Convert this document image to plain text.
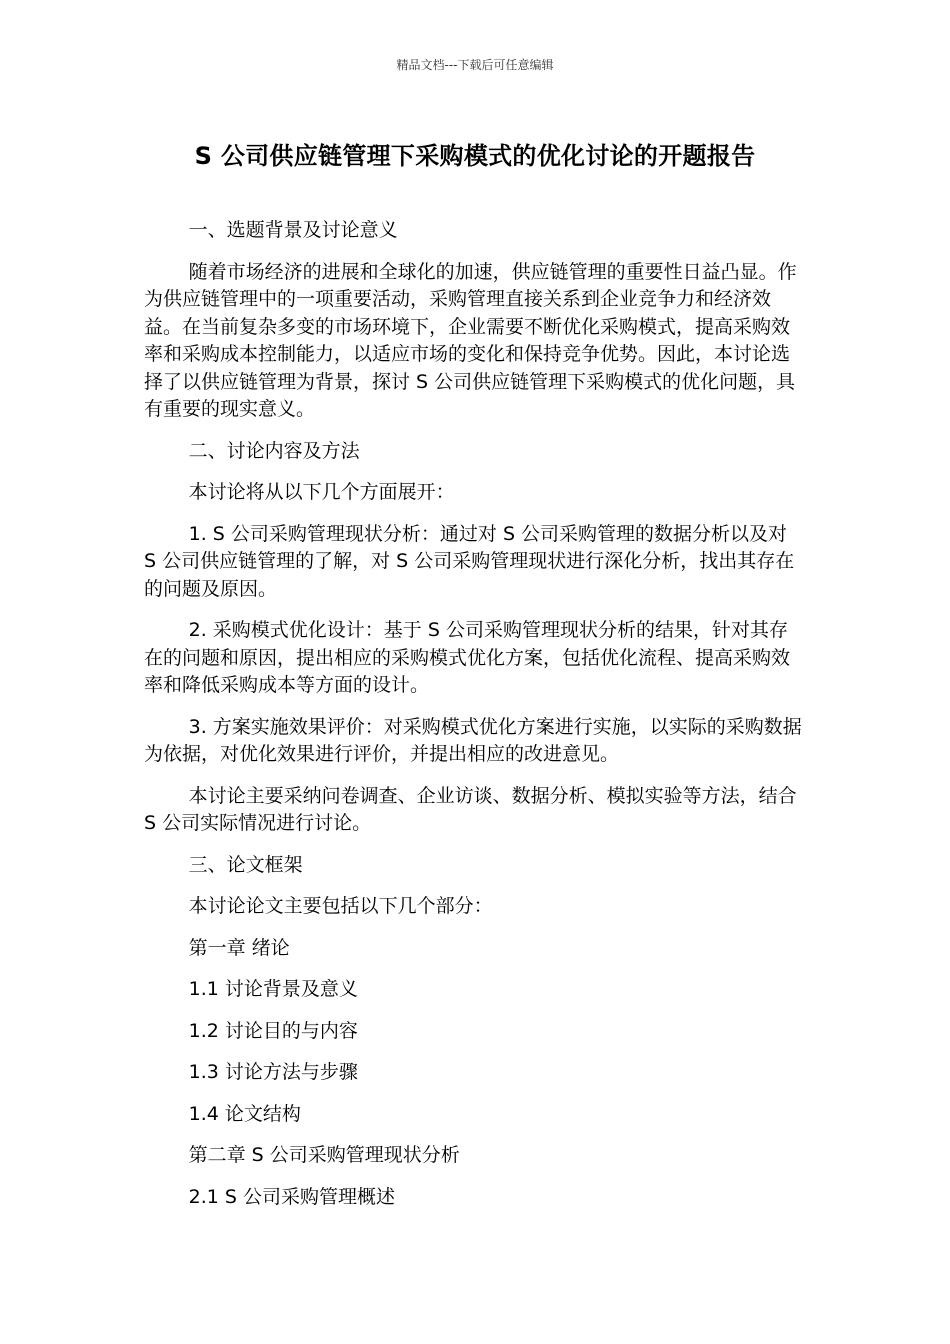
精品文档---下载后可任意编辑
S 公司供应链管理下采购模式的优化讨论的开题报告

一、选题背景及讨论意义

随着市场经济的进展和全球化的加速，供应链管理的重要性日益凸显。作为供应链管理中的一项重要活动，采购管理直接关系到企业竞争力和经济效益。在当前复杂多变的市场环境下，企业需要不断优化采购模式，提高采购效率和采购成本控制能力，以适应市场的变化和保持竞争优势。因此，本讨论选择了以供应链管理为背景，探讨 S 公司供应链管理下采购模式的优化问题，具有重要的现实意义。

二、讨论内容及方法

本讨论将从以下几个方面展开：

1. S 公司采购管理现状分析：通过对 S 公司采购管理的数据分析以及对 S 公司供应链管理的了解，对 S 公司采购管理现状进行深化分析，找出其存在的问题及原因。

2. 采购模式优化设计：基于 S 公司采购管理现状分析的结果，针对其存在的问题和原因，提出相应的采购模式优化方案，包括优化流程、提高采购效率和降低采购成本等方面的设计。

3. 方案实施效果评价：对采购模式优化方案进行实施，以实际的采购数据为依据，对优化效果进行评价，并提出相应的改进意见。

本讨论主要采纳问卷调查、企业访谈、数据分析、模拟实验等方法，结合 S 公司实际情况进行讨论。

三、论文框架

本讨论论文主要包括以下几个部分：

第一章 绪论

1.1 讨论背景及意义

1.2 讨论目的与内容

1.3 讨论方法与步骤

1.4 论文结构

第二章 S 公司采购管理现状分析

2.1 S 公司采购管理概述
